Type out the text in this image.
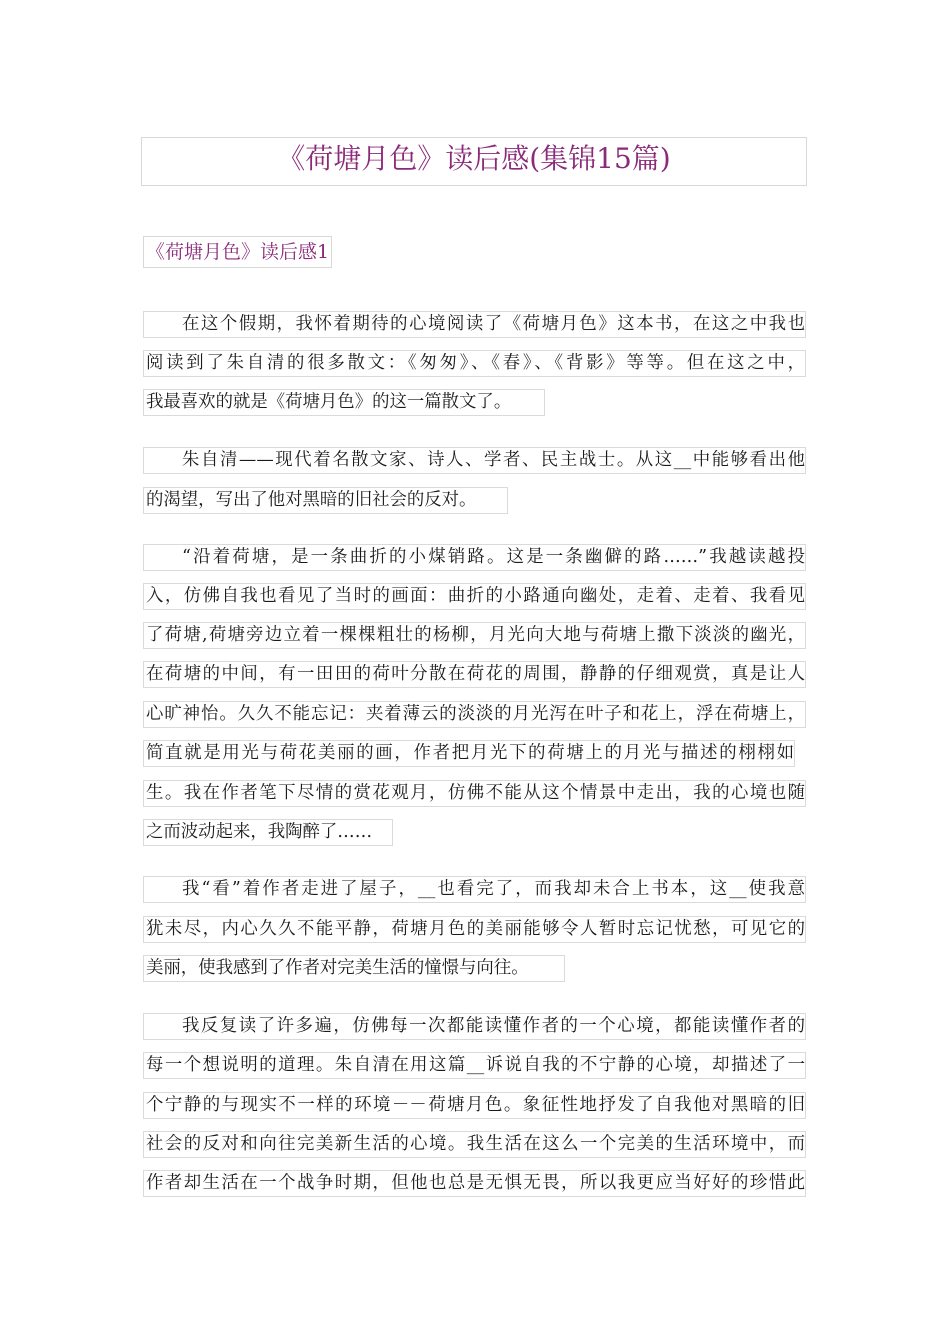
《荷塘月色》读后感(集锦15篇)
《荷塘月色》读后感1
在这个假期，我怀着期待的心境阅读了《荷塘月色》这本书，在这之中我也
阅读到了朱自清的很多散文：《匆匆》、《春》、《背影》等等。但在这之中，
我最喜欢的就是《荷塘月色》的这一篇散文了。
朱自清——现代着名散文家、诗人、学者、民主战士。从这__中能够看出他
的渴望，写出了他对黑暗的旧社会的反对。
“沿着荷塘，是一条曲折的小煤销路。这是一条幽僻的路……”我越读越投
入，仿佛自我也看见了当时的画面：曲折的小路通向幽处，走着、走着、我看见
了荷塘,荷塘旁边立着一棵棵粗壮的杨柳，月光向大地与荷塘上撒下淡淡的幽光，
在荷塘的中间，有一田田的荷叶分散在荷花的周围，静静的仔细观赏，真是让人
心旷神怡。久久不能忘记：夹着薄云的淡淡的月光泻在叶子和花上，浮在荷塘上，
简直就是用光与荷花美丽的画，作者把月光下的荷塘上的月光与描述的栩栩如
生。我在作者笔下尽情的赏花观月，仿佛不能从这个情景中走出，我的心境也随
之而波动起来，我陶醉了……
我“看”着作者走进了屋子，__也看完了，而我却未合上书本，这__使我意
犹未尽，内心久久不能平静，荷塘月色的美丽能够令人暂时忘记忧愁，可见它的
美丽，使我感到了作者对完美生活的憧憬与向往。
我反复读了许多遍，仿佛每一次都能读懂作者的一个心境，都能读懂作者的
每一个想说明的道理。朱自清在用这篇__诉说自我的不宁静的心境，却描述了一
个宁静的与现实不一样的环境－－荷塘月色。象征性地抒发了自我他对黑暗的旧
社会的反对和向往完美新生活的心境。我生活在这么一个完美的生活环境中，而
作者却生活在一个战争时期，但他也总是无惧无畏，所以我更应当好好的珍惜此
